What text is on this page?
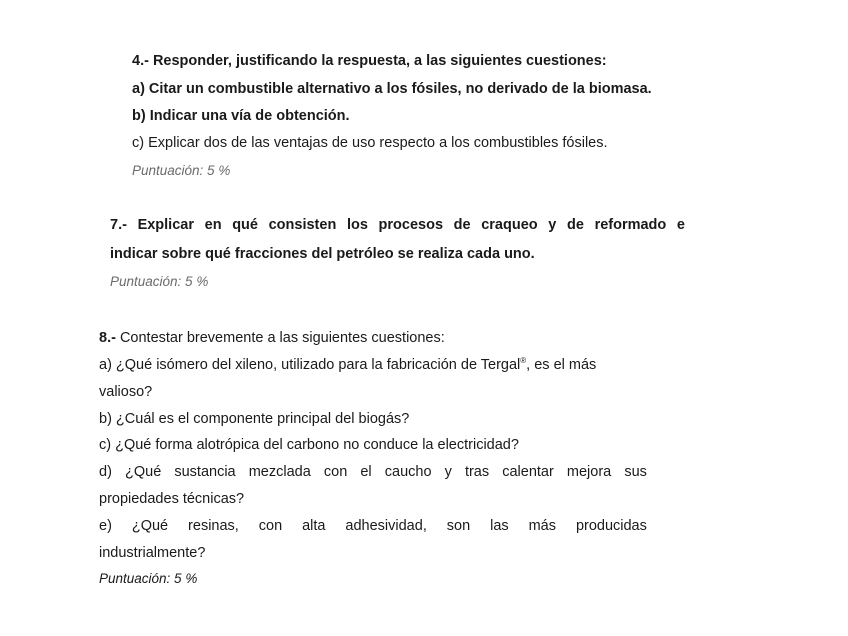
4.- Responder, justificando la respuesta, a las siguientes cuestiones:
a) Citar un combustible alternativo a los fósiles, no derivado de la biomasa.
b) Indicar una vía de obtención.
c) Explicar dos de las ventajas de uso respecto a los combustibles fósiles.
Puntuación: 5 %
7.- Explicar en qué consisten los procesos de craqueo y de reformado e
indicar sobre qué fracciones del petróleo se realiza cada uno.
Puntuación: 5 %
8.- Contestar brevemente a las siguientes cuestiones:
a) ¿Qué isómero del xileno, utilizado para la fabricación de Tergal®, es el más
valioso?
b) ¿Cuál es el componente principal del biogás?
c) ¿Qué forma alotrópica del carbono no conduce la electricidad?
d) ¿Qué sustancia mezclada con el caucho y tras calentar mejora sus
propiedades técnicas?
e) ¿Qué resinas, con alta adhesividad, son las más producidas
industrialmente?
Puntuación: 5 %
